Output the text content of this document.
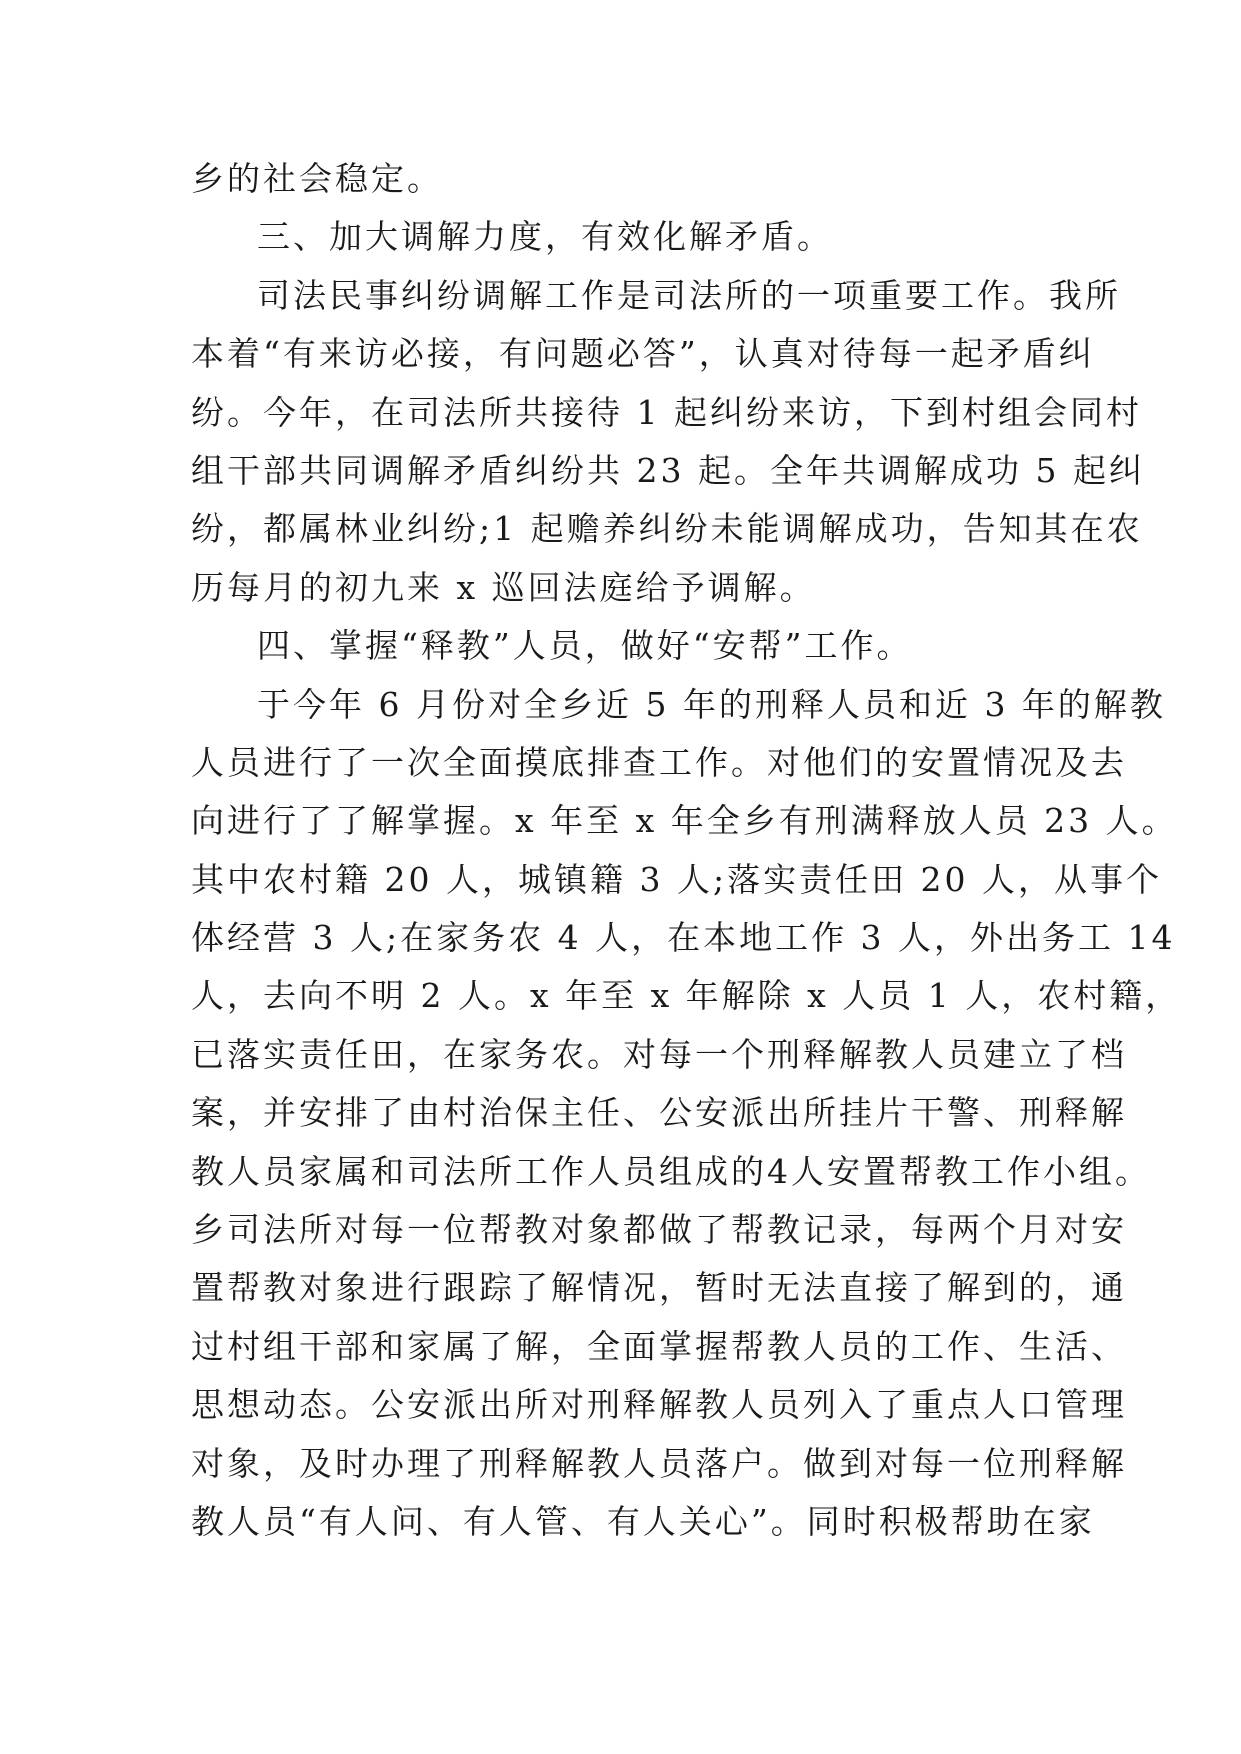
乡的社会稳定。
三、加大调解力度，有效化解矛盾。
司法民事纠纷调解工作是司法所的一项重要工作。我所
本着“有来访必接，有问题必答”，认真对待每一起矛盾纠
纷。今年，在司法所共接待 1 起纠纷来访，下到村组会同村
组干部共同调解矛盾纠纷共 23 起。全年共调解成功 5 起纠
纷，都属林业纠纷;1 起赡养纠纷未能调解成功，告知其在农
历每月的初九来 x 巡回法庭给予调解。
四、掌握“释教”人员，做好“安帮”工作。
于今年 6 月份对全乡近 5 年的刑释人员和近 3 年的解教
人员进行了一次全面摸底排查工作。对他们的安置情况及去
向进行了了解掌握。x 年至 x 年全乡有刑满释放人员 23 人。
其中农村籍 20 人，城镇籍 3 人;落实责任田 20 人，从事个
体经营 3 人;在家务农 4 人，在本地工作 3 人，外出务工 14
人，去向不明 2 人。x 年至 x 年解除 x 人员 1 人，农村籍，
已落实责任田，在家务农。对每一个刑释解教人员建立了档
案，并安排了由村治保主任、公安派出所挂片干警、刑释解
教人员家属和司法所工作人员组成的4人安置帮教工作小组。
乡司法所对每一位帮教对象都做了帮教记录，每两个月对安
置帮教对象进行跟踪了解情况，暂时无法直接了解到的，通
过村组干部和家属了解，全面掌握帮教人员的工作、生活、
思想动态。公安派出所对刑释解教人员列入了重点人口管理
对象，及时办理了刑释解教人员落户。做到对每一位刑释解
教人员“有人问、有人管、有人关心”。同时积极帮助在家
